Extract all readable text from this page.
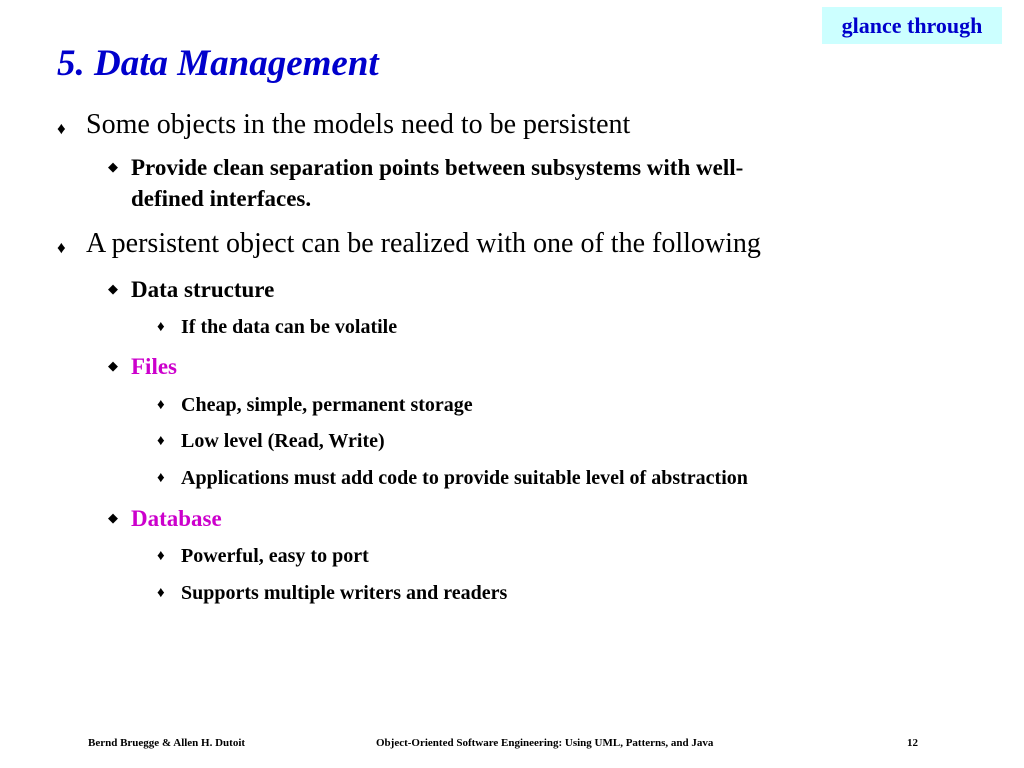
glance through
5. Data Management
♦ Some objects in the models need to be persistent
◆ Provide clean separation points between subsystems with well-
defined interfaces.
♦ A persistent object can be realized with one of the following
◆ Data structure
♦ If the data can be volatile
◆ Files
♦ Cheap, simple, permanent storage
♦ Low level (Read, Write)
♦ Applications must add code to provide suitable level of abstraction
◆ Database
♦ Powerful, easy to port
♦ Supports multiple writers and readers
Bernd Bruegge & Allen H. Dutoit	Object-Oriented Software Engineering: Using UML, Patterns, and Java	12
